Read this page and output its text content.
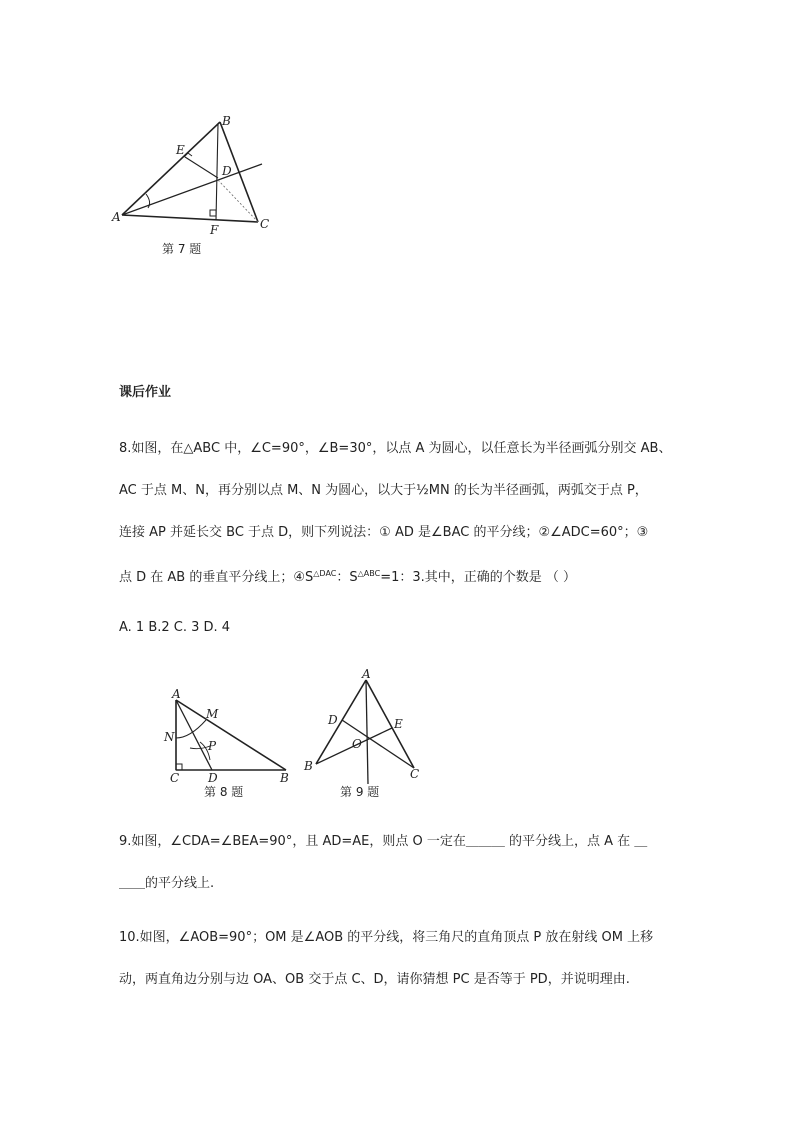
A
B
C
D
E
F
第 7 题
课后作业
8.如图，在△ABC 中，∠C=90°，∠B=30°，以点 A 为圆心，以任意长为半径画弧分别交 AB、
AC 于点 M、N，再分别以点 M、N 为圆心，以大于½MN 的长为半径画弧，两弧交于点 P，
连接 AP 并延长交 BC 于点 D，则下列说法：① AD 是∠BAC 的平分线；②∠ADC=60°；③
点 D 在 AB 的垂直平分线上；$④S^{\triangle DAC}$：$S^{\triangle ABC}=1$：3.其中，正确的个数是 （ ）
A. 1 B.2 C. 3 D. 4
A
M
N
P
C D	B
第 8 题
A
D	E
O
B
C
第 9 题
9.如图，∠CDA=∠BEA=90°，且 AD=AE，则点 O 一定在＿＿＿ 的平分线上，点 A 在 ＿
＿＿的平分线上.
10.如图，∠AOB=90°；OM 是∠AOB 的平分线，将三角尺的直角顶点 P 放在射线 OM 上移
动，两直角边分别与边 OA、OB 交于点 C、D，请你猜想 PC 是否等于 PD，并说明理由.
